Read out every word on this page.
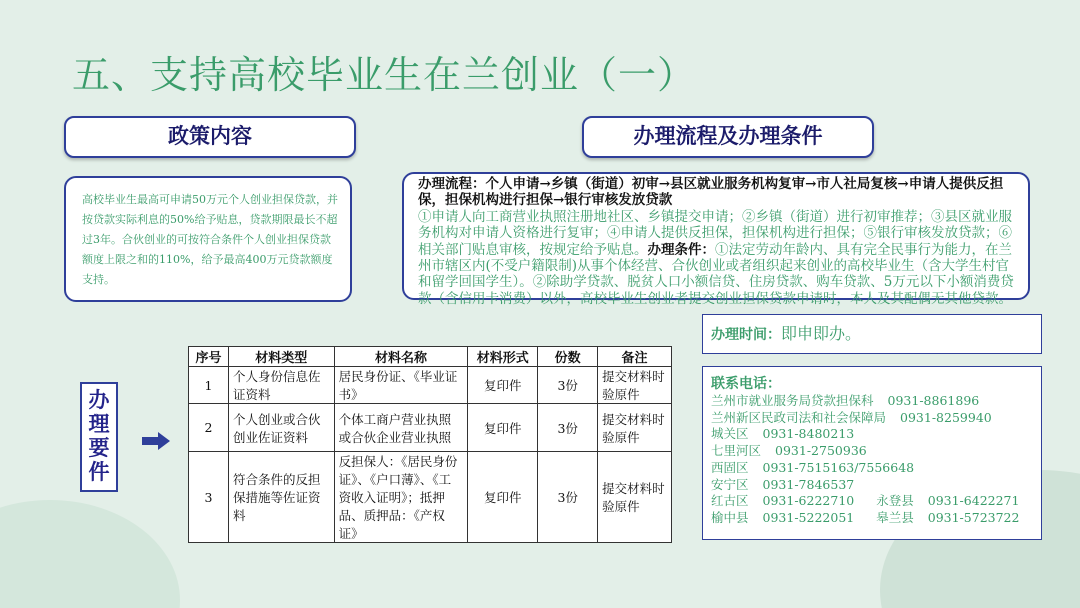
五、支持高校毕业生在兰创业（一）
政策内容	办理流程及办理条件
高校毕业生最高可申请50万元个人创业担保贷款，并按贷款实际利息的50%给予贴息，贷款期限最长不超过3年。合伙创业的可按符合条件个人创业担保贷款额度上限之和的110%，给予最高400万元贷款额度支持。
办理流程：个人申请→乡镇（街道）初审→县区就业服务机构复审→市人社局复核→申请人提供反担保，担保机构进行担保→银行审核发放贷款
①申请人向工商营业执照注册地社区、乡镇提交申请；②乡镇（街道）进行初审推荐；③县区就业服务机构对申请人资格进行复审；④申请人提供反担保，担保机构进行担保；⑤银行审核发放贷款；⑥相关部门贴息审核，按规定给予贴息。办理条件：①法定劳动年龄内、具有完全民事行为能力，在兰州市辖区内(不受户籍限制)从事个体经营、合伙创业或者组织起来创业的高校毕业生（含大学生村官和留学回国学生）。②除助学贷款、脱贫人口小额信贷、住房贷款、购车贷款、5万元以下小额消费贷款（含信用卡消费）以外，高校毕业生创业者提交创业担保贷款申请时，本人及其配偶无其他贷款。
办
理
要
件
序号	材料类型	材料名称	材料形式	份数	备注
1	个人身份信息佐证资料	居民身份证、《毕业证书》	复印件	3份	提交材料时验原件
2	个人创业或合伙创业佐证资料	个体工商户营业执照或合伙企业营业执照	复印件	3份	提交材料时验原件
3	符合条件的反担保措施等佐证资料	反担保人：《居民身份证》、《户口薄》、《工资收入证明》；抵押品、质押品：《产权证》	复印件	3份	提交材料时验原件
办理时间：即申即办。
联系电话：
兰州市就业服务局贷款担保科 0931-8861896
兰州新区民政司法和社会保障局 0931-8259940
城关区 0931-8480213
七里河区 0931-2750936
西固区 0931-7515163/7556648
安宁区 0931-7846537
红古区 0931-6222710 永登县 0931-6422271
榆中县 0931-5222051 皋兰县 0931-5723722
